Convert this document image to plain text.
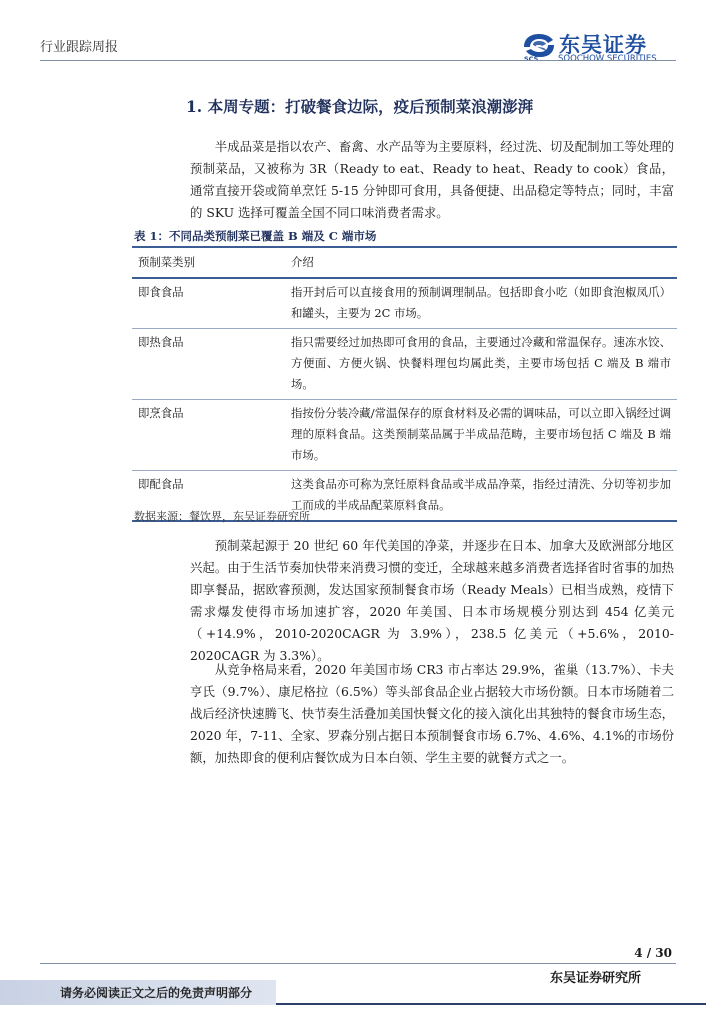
行业跟踪周报
SCS
东吴证券
SOOCHOW SECURITIES
1. 本周专题：打破餐食边际，疫后预制菜浪潮澎湃

半成品菜是指以农产、畜禽、水产品等为主要原料，经过洗、切及配制加工等处理的预制菜品，又被称为 3R（Ready to eat、Ready to heat、Ready to cook）食品，通常直接开袋或简单烹饪 5-15 分钟即可食用，具备便捷、出品稳定等特点；同时，丰富的 SKU 选择可覆盖全国不同口味消费者需求。

表 1：不同品类预制菜已覆盖 B 端及 C 端市场
预制菜类别	介绍
即食食品	指开封后可以直接食用的预制调理制品。包括即食小吃（如即食泡椒凤爪）和罐头，主要为 2C 市场。
即热食品	指只需要经过加热即可食用的食品，主要通过冷藏和常温保存。速冻水饺、方便面、方便火锅、快餐料理包均属此类，主要市场包括 C 端及 B 端市场。
即烹食品	指按份分装冷藏/常温保存的原食材料及必需的调味品，可以立即入锅经过调理的原料食品。这类预制菜品属于半成品范畴，主要市场包括 C 端及 B 端市场。
即配食品	这类食品亦可称为烹饪原料食品或半成品净菜，指经过清洗、分切等初步加工而成的半成品配菜原料食品。
数据来源：餐饮界，东吴证券研究所

预制菜起源于 20 世纪 60 年代美国的净菜，并逐步在日本、加拿大及欧洲部分地区兴起。由于生活节奏加快带来消费习惯的变迁，全球越来越多消费者选择省时省事的加热即享餐品，据欧睿预测，发达国家预制餐食市场（Ready Meals）已相当成熟，疫情下需求爆发使得市场加速扩容，2020 年美国、日本市场规模分别达到 454 亿美元（+14.9%，2010-2020CAGR 为 3.9%），238.5 亿美元（+5.6%，2010-2020CAGR 为 3.3%）。

从竞争格局来看，2020 年美国市场 CR3 市占率达 29.9%，雀巢（13.7%）、卡夫亨氏（9.7%）、康尼格拉（6.5%）等头部食品企业占据较大市场份额。日本市场随着二战后经济快速腾飞、快节奏生活叠加美国快餐文化的接入演化出其独特的餐食市场生态，2020 年，7-11、全家、罗森分别占据日本预制餐食市场 6.7%、4.6%、4.1%的市场份额，加热即食的便利店餐饮成为日本白领、学生主要的就餐方式之一。

4 / 30
东吴证券研究所
请务必阅读正文之后的免责声明部分
